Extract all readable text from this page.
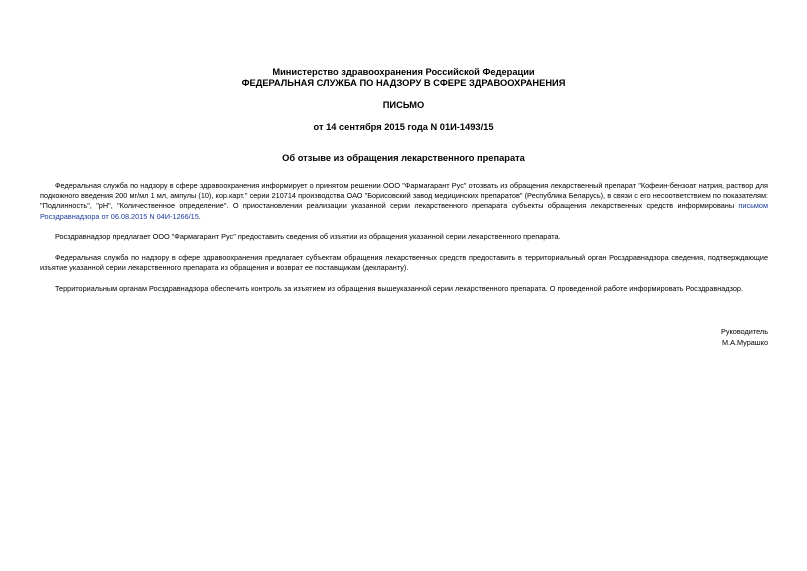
Министерство здравоохранения Российской Федерации
ФЕДЕРАЛЬНАЯ СЛУЖБА ПО НАДЗОРУ В СФЕРЕ ЗДРАВООХРАНЕНИЯ
ПИСЬМО
от 14 сентября 2015 года N 01И-1493/15
Об отзыве из обращения лекарственного препарата

Федеральная служба по надзору в сфере здравоохранения информирует о принятом решении ООО "Фармагарант Рус" отозвать из обращения лекарственный препарат "Кофеин-бензоат натрия, раствор для подкожного введения 200 мг/мл 1 мл, ампулы (10), кор.карт." серии 210714 производства ОАО "Борисовский завод медицинских препаратов" (Республика Беларусь), в связи с его несоответствием по показателям: "Подлинность", "pH", "Количественное определение". О приостановлении реализации указанной серии лекарственного препарата субъекты обращения лекарственных средств информированы письмом Росздравнадзора от 06.08.2015 N 04И-1266/15.

Росздравнадзор предлагает ООО "Фармагарант Рус" предоставить сведения об изъятии из обращения указанной серии лекарственного препарата.

Федеральная служба по надзору в сфере здравоохранения предлагает субъектам обращения лекарственных средств предоставить в территориальный орган Росздравнадзора сведения, подтверждающие изъятие указанной серии лекарственного препарата из обращения и возврат ее поставщикам (декларанту).

Территориальным органам Росздравнадзора обеспечить контроль за изъятием из обращения вышеуказанной серии лекарственного препарата. О проведенной работе информировать Росздравнадзор.

Руководитель
М.А.Мурашко
